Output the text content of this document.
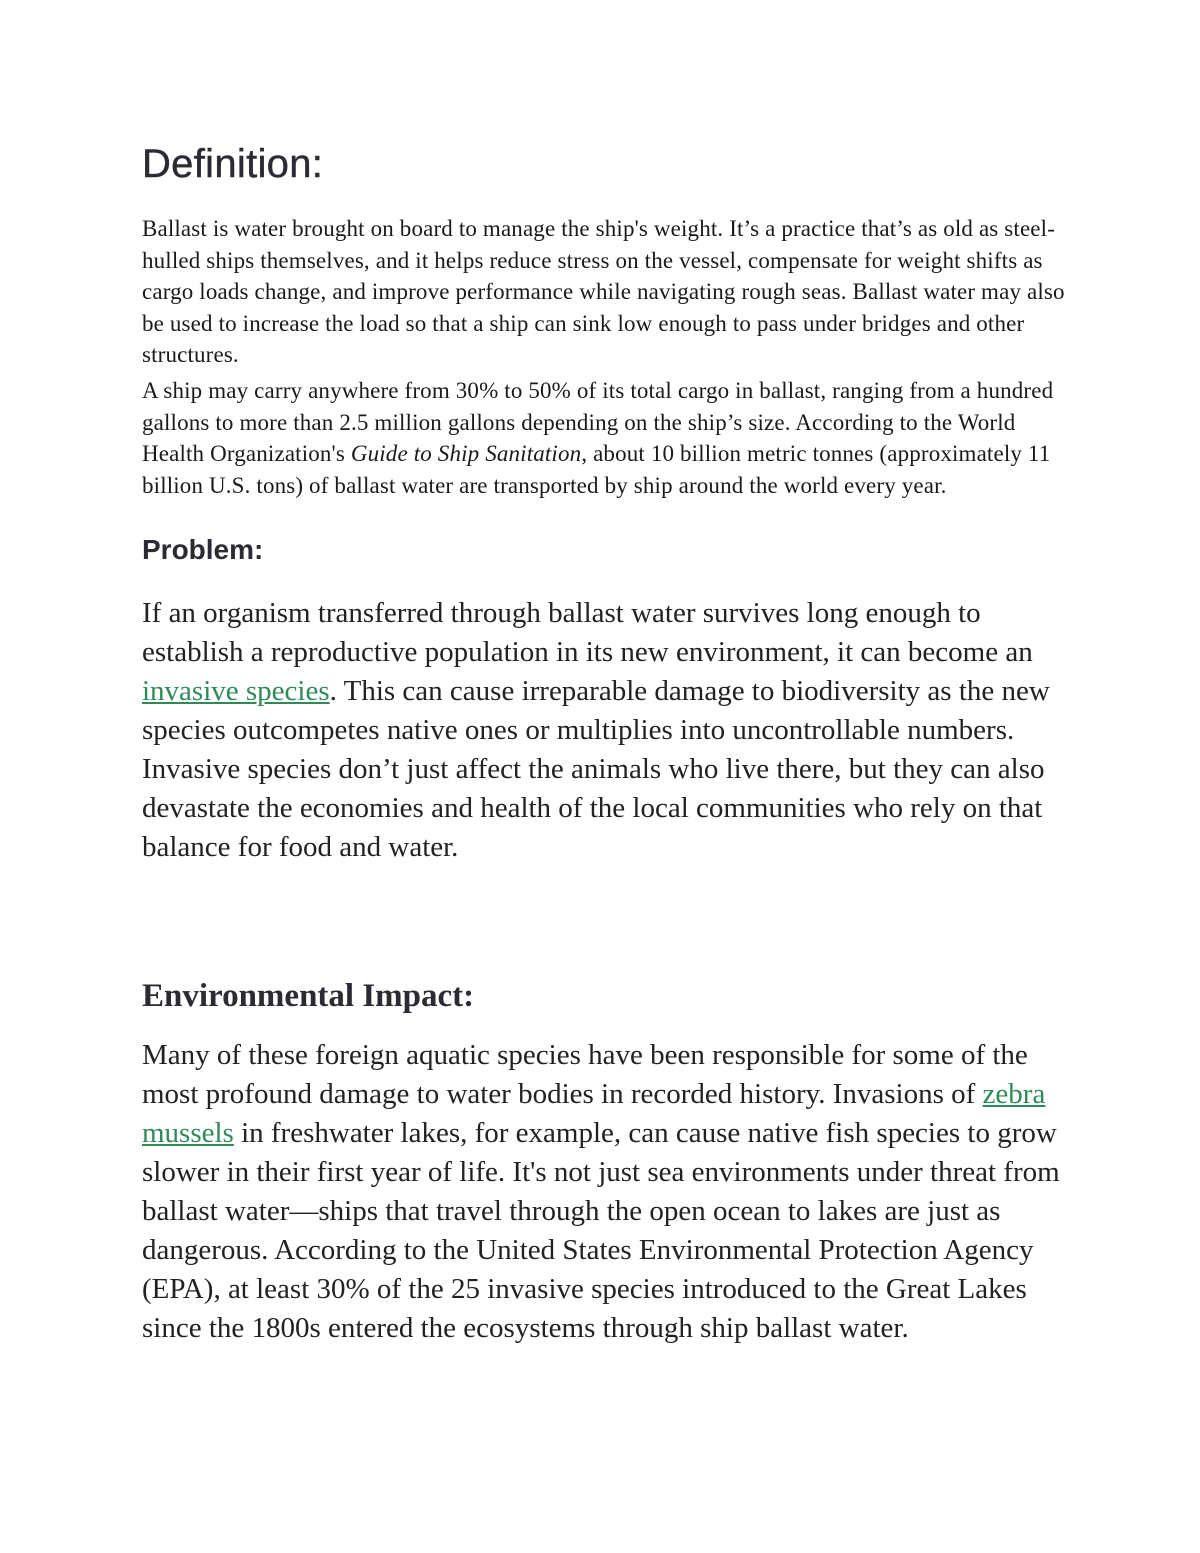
Definition:

Ballast is water brought on board to manage the ship's weight. It’s a practice that’s as old as steel-hulled ships themselves, and it helps reduce stress on the vessel, compensate for weight shifts as cargo loads change, and improve performance while navigating rough seas. Ballast water may also be used to increase the load so that a ship can sink low enough to pass under bridges and other structures.

A ship may carry anywhere from 30% to 50% of its total cargo in ballast, ranging from a hundred gallons to more than 2.5 million gallons depending on the ship’s size. According to the World Health Organization's Guide to Ship Sanitation, about 10 billion metric tonnes (approximately 11 billion U.S. tons) of ballast water are transported by ship around the world every year.

Problem:

If an organism transferred through ballast water survives long enough to establish a reproductive population in its new environment, it can become an invasive species. This can cause irreparable damage to biodiversity as the new species outcompetes native ones or multiplies into uncontrollable numbers. Invasive species don’t just affect the animals who live there, but they can also devastate the economies and health of the local communities who rely on that balance for food and water.

Environmental Impact:

Many of these foreign aquatic species have been responsible for some of the most profound damage to water bodies in recorded history. Invasions of zebra mussels in freshwater lakes, for example, can cause native fish species to grow slower in their first year of life. It's not just sea environments under threat from ballast water—ships that travel through the open ocean to lakes are just as dangerous. According to the United States Environmental Protection Agency (EPA), at least 30% of the 25 invasive species introduced to the Great Lakes since the 1800s entered the ecosystems through ship ballast water.
